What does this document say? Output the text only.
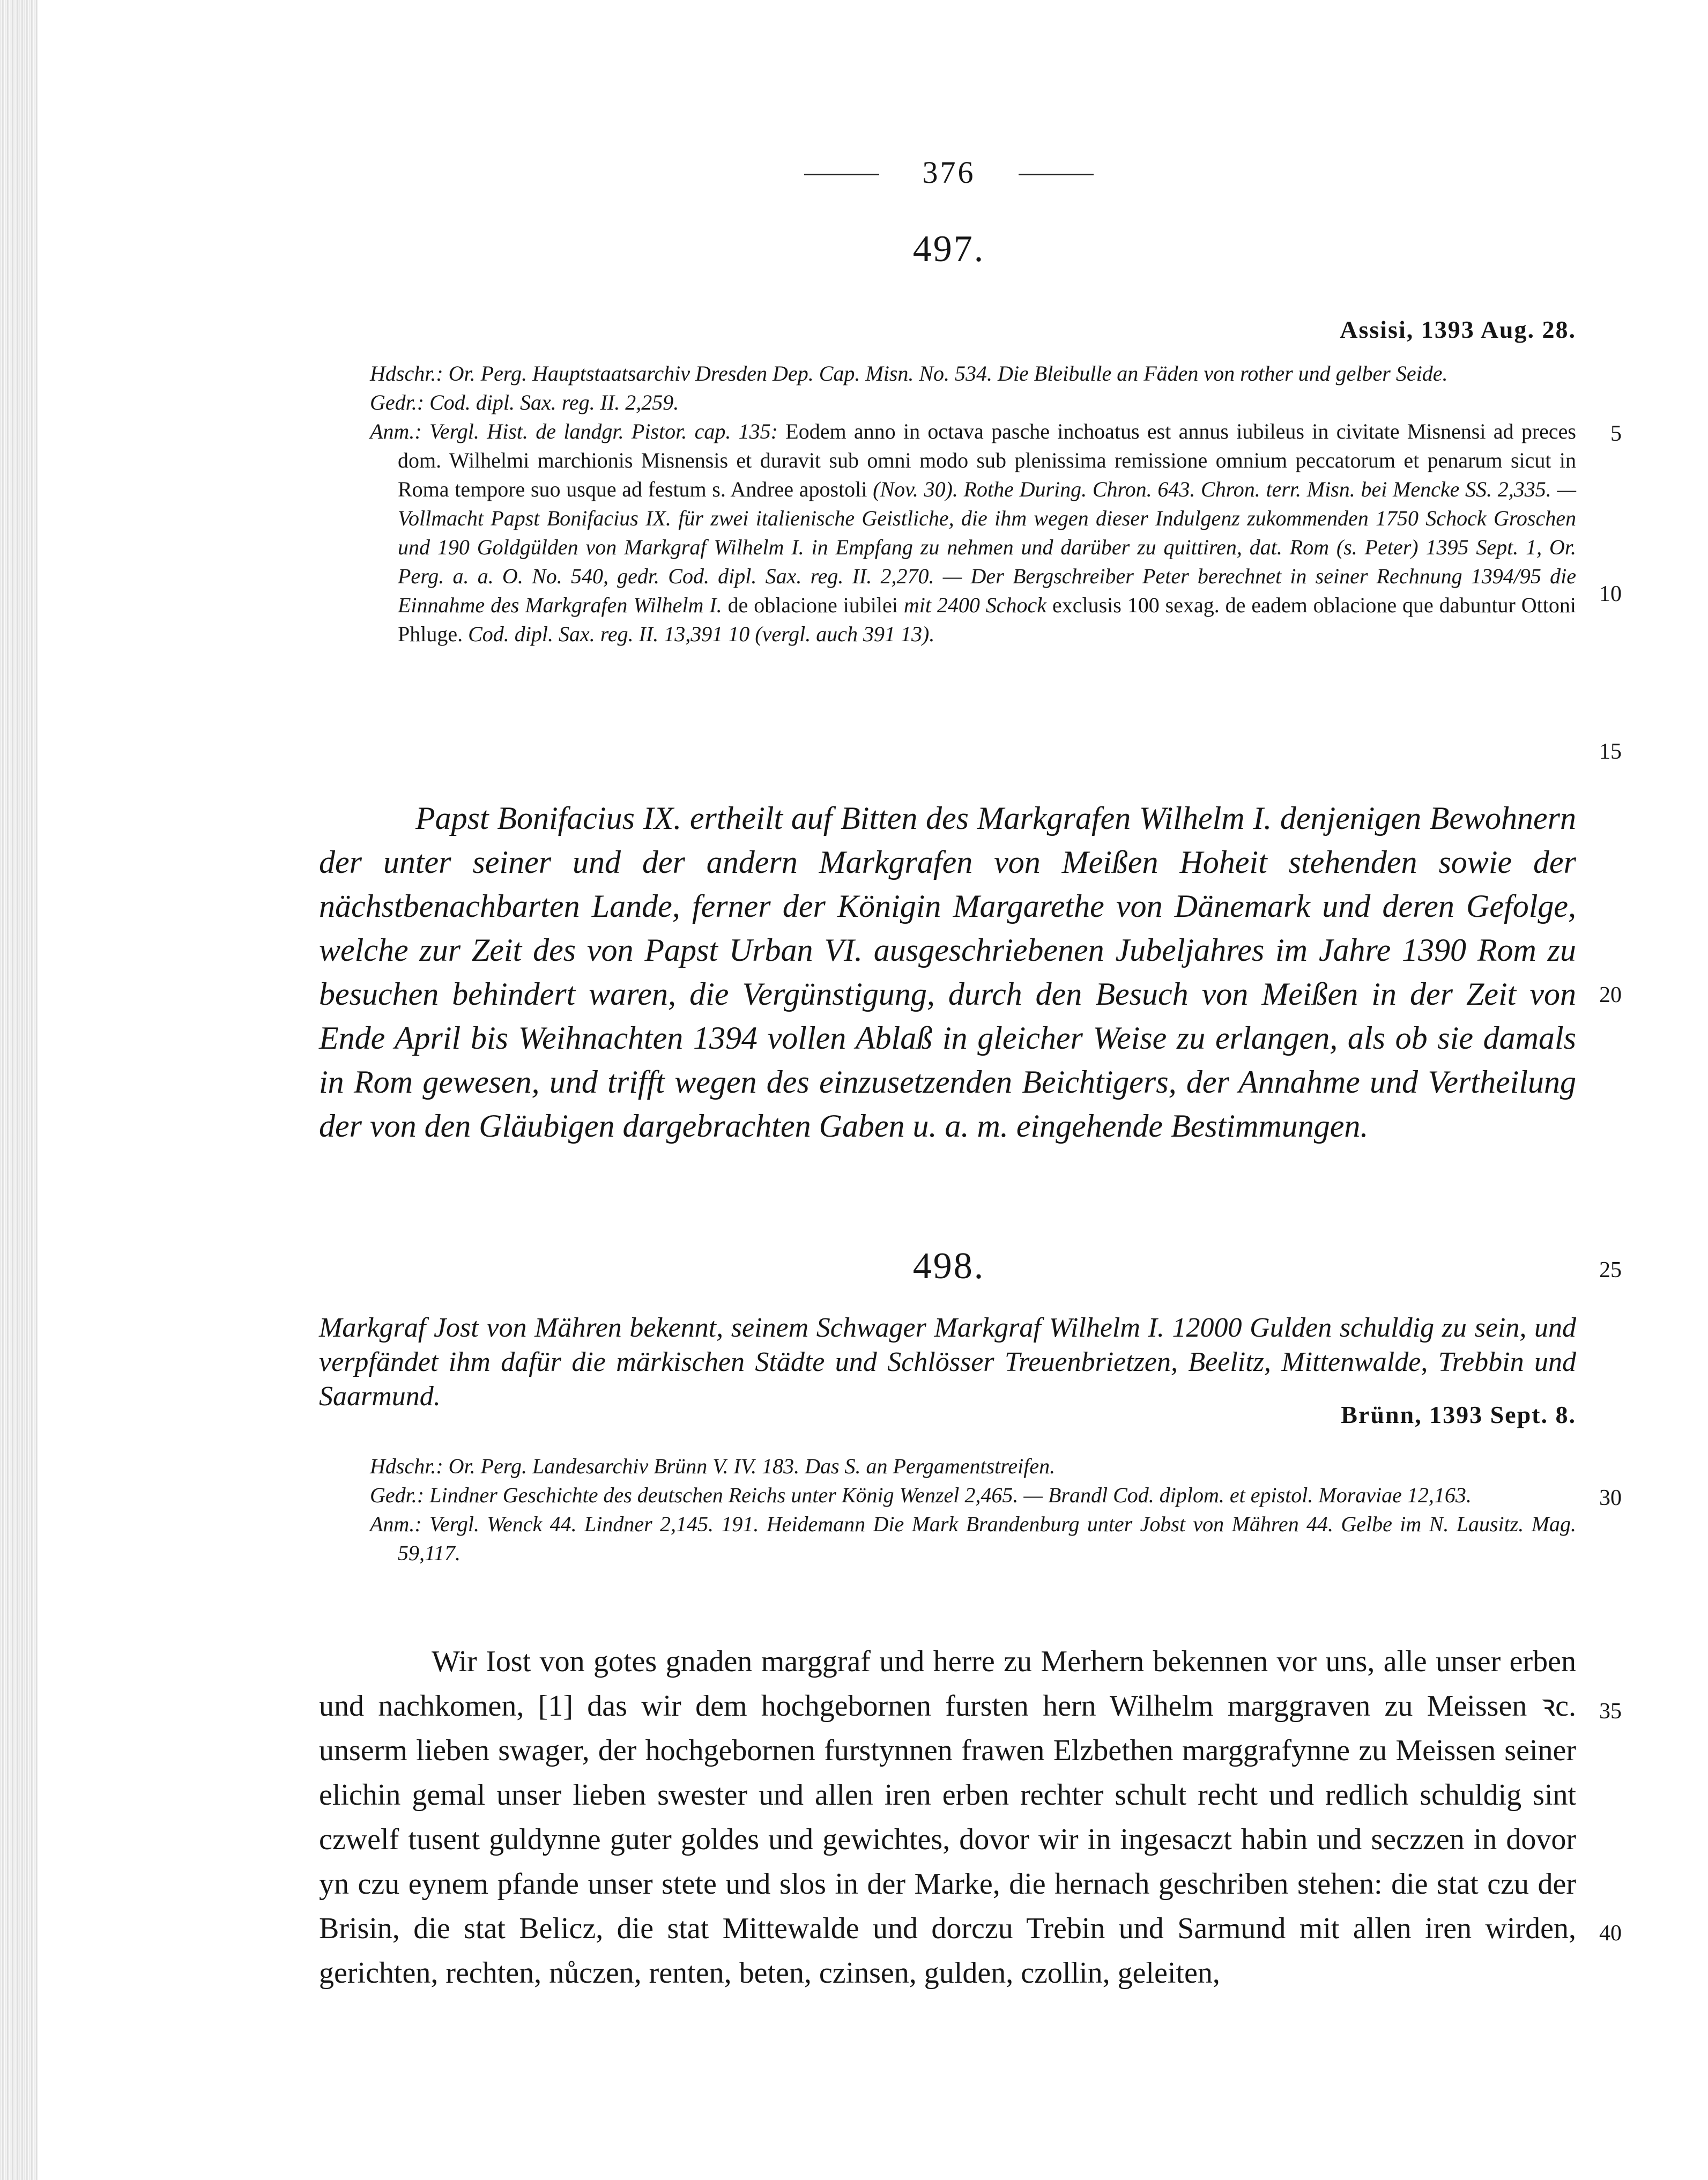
376
497.
Assisi, 1393 Aug. 28.

Hdschr.: Or. Perg. Hauptstaatsarchiv Dresden Dep. Cap. Misn. No. 534. Die Bleibulle an Fäden von rother und gelber Seide.

Gedr.: Cod. dipl. Sax. reg. II. 2,259.

Anm.: Vergl. Hist. de landgr. Pistor. cap. 135: Eodem anno in octava pasche inchoatus est annus iubileus in civitate Misnensi ad preces dom. Wilhelmi marchionis Misnensis et duravit sub omni modo sub plenissima remissione omnium peccatorum et penarum sicut in Roma tempore suo usque ad festum s. Andree apostoli (Nov. 30). Rothe During. Chron. 643. Chron. terr. Misn. bei Mencke SS. 2,335. — Vollmacht Papst Bonifacius IX. für zwei italienische Geistliche, die ihm wegen dieser Indulgenz zukommenden 1750 Schock Groschen und 190 Goldgülden von Markgraf Wilhelm I. in Empfang zu nehmen und darüber zu quittiren, dat. Rom (s. Peter) 1395 Sept. 1, Or. Perg. a. a. O. No. 540, gedr. Cod. dipl. Sax. reg. II. 2,270. — Der Bergschreiber Peter berechnet in seiner Rechnung 1394/95 die Einnahme des Markgrafen Wilhelm I. de oblacione iubilei mit 2400 Schock exclusis 100 sexag. de eadem oblacione que dabuntur Ottoni Phluge. Cod. dipl. Sax. reg. II. 13,391 10 (vergl. auch 391 13).

Papst Bonifacius IX. ertheilt auf Bitten des Markgrafen Wilhelm I. denjenigen Bewohnern der unter seiner und der andern Markgrafen von Meißen Hoheit stehenden sowie der nächstbenachbarten Lande, ferner der Königin Margarethe von Dänemark und deren Gefolge, welche zur Zeit des von Papst Urban VI. ausgeschriebenen Jubeljahres im Jahre 1390 Rom zu besuchen behindert waren, die Vergünstigung, durch den Besuch von Meißen in der Zeit von Ende April bis Weihnachten 1394 vollen Ablaß in gleicher Weise zu erlangen, als ob sie damals in Rom gewesen, und trifft wegen des einzusetzenden Beichtigers, der Annahme und Vertheilung der von den Gläubigen dargebrachten Gaben u. a. m. eingehende Bestimmungen.

498.
Markgraf Jost von Mähren bekennt, seinem Schwager Markgraf Wilhelm I. 12000 Gulden schuldig zu sein, und verpfändet ihm dafür die märkischen Städte und Schlösser Treuenbrietzen, Beelitz, Mittenwalde, Trebbin und Saarmund.
Brünn, 1393 Sept. 8.

Hdschr.: Or. Perg. Landesarchiv Brünn V. IV. 183. Das S. an Pergamentstreifen.

Gedr.: Lindner Geschichte des deutschen Reichs unter König Wenzel 2,465. — Brandl Cod. diplom. et epistol. Moraviae 12,163.

Anm.: Vergl. Wenck 44. Lindner 2,145. 191. Heidemann Die Mark Brandenburg unter Jobst von Mähren 44. Gelbe im N. Lausitz. Mag. 59,117.

Wir Iost von gotes gnaden marggraf und herre zu Merhern bekennen vor uns, alle unser erben und nachkomen, [1] das wir dem hochgebornen fursten hern Wilhelm marggraven zu Meissen ꝛc. unserm lieben swager, der hochgebornen furstynnen frawen Elzbethen marggrafynne zu Meissen seiner elichin gemal unser lieben swester und allen iren erben rechter schult recht und redlich schuldig sint czwelf tusent guldynne guter goldes und gewichtes, dovor wir in ingesaczt habin und seczzen in dovor yn czu eynem pfande unser stete und slos in der Marke, die hernach geschriben stehen: die stat czu der Brisin, die stat Belicz, die stat Mittewalde und dorczu Trebin und Sarmund mit allen iren wirden, gerichten, rechten, nůczen, renten, beten, czinsen, gulden, czollin, geleiten,

5
10
15
20
25
30
35
40
